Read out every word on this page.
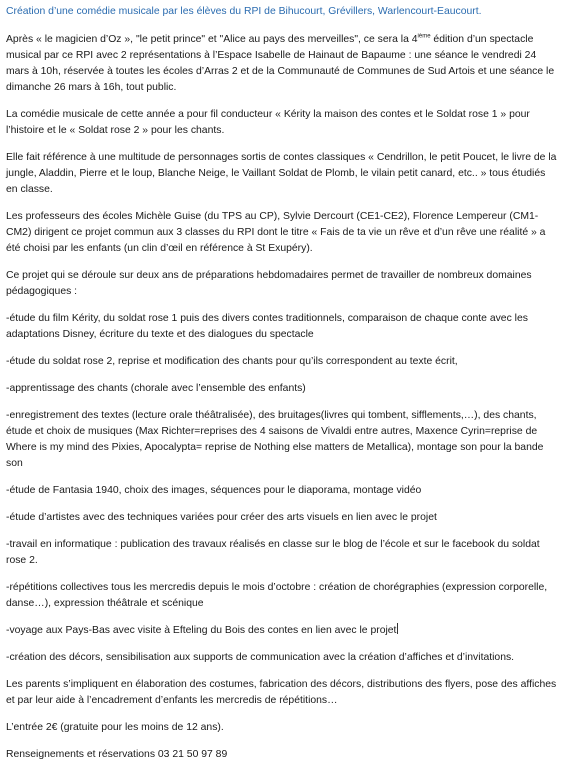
Création d’une comédie musicale par les élèves du RPI de Bihucourt, Grévillers, Warlencourt-Eaucourt.

Après « le magicien d’Oz », "le petit prince" et "Alice au pays des merveilles", ce sera la 4ième édition d’un spectacle musical par ce RPI avec 2 représentations à l’Espace Isabelle de Hainaut de Bapaume : une séance le vendredi 24 mars à 10h, réservée à toutes les écoles d’Arras 2 et de la Communauté de Communes de Sud Artois et une séance le dimanche 26 mars à 16h, tout public.

La comédie musicale de cette année a pour fil conducteur « Kérity la maison des contes et le Soldat rose 1 » pour l’histoire et le « Soldat rose 2 » pour les chants.

Elle fait référence à une multitude de personnages sortis de contes classiques « Cendrillon, le petit Poucet, le livre de la jungle, Aladdin, Pierre et le loup, Blanche Neige, le Vaillant Soldat de Plomb, le vilain petit canard, etc.. » tous étudiés en classe.

Les professeurs des écoles Michèle Guise (du TPS au CP), Sylvie Dercourt (CE1-CE2), Florence Lempereur (CM1-CM2) dirigent ce projet commun aux 3 classes du RPI dont le titre « Fais de ta vie un rêve et d’un rêve une réalité » a été choisi par les enfants (un clin d’œil en référence à St Exupéry).

Ce projet qui se déroule sur deux ans de préparations hebdomadaires permet de travailler de nombreux domaines pédagogiques :

-étude du film Kérity, du soldat rose 1 puis des divers contes traditionnels, comparaison de chaque conte avec les adaptations Disney, écriture du texte et des dialogues du spectacle

-étude du soldat rose 2, reprise et modification des chants pour qu’ils correspondent au texte écrit,

-apprentissage des chants (chorale avec l’ensemble des enfants)

-enregistrement des textes (lecture orale théâtralisée), des bruitages(livres qui tombent, sifflements,…), des chants, étude et choix de musiques (Max Richter=reprises des 4 saisons de Vivaldi entre autres, Maxence Cyrin=reprise de Where is my mind des Pixies, Apocalypta= reprise de Nothing else matters de Metallica), montage son pour la bande son

-étude de Fantasia 1940, choix des images, séquences pour le diaporama, montage vidéo

-étude d’artistes avec des techniques variées pour créer des arts visuels en lien avec le projet

-travail en informatique : publication des travaux réalisés en classe sur le blog de l’école et sur le facebook du soldat rose 2.

-répétitions collectives tous les mercredis depuis le mois d’octobre : création de chorégraphies (expression corporelle, danse…), expression théâtrale et scénique

-voyage aux Pays-Bas avec visite à Efteling du Bois des contes en lien avec le projet

-création des décors, sensibilisation aux supports de communication avec la création d’affiches et d’invitations.

Les parents s’impliquent en élaboration des costumes, fabrication des décors, distributions des flyers, pose des affiches et par leur aide à l’encadrement d’enfants les mercredis de répétitions…

L’entrée 2€ (gratuite pour les moins de 12 ans).

Renseignements et réservations 03 21 50 97 89
